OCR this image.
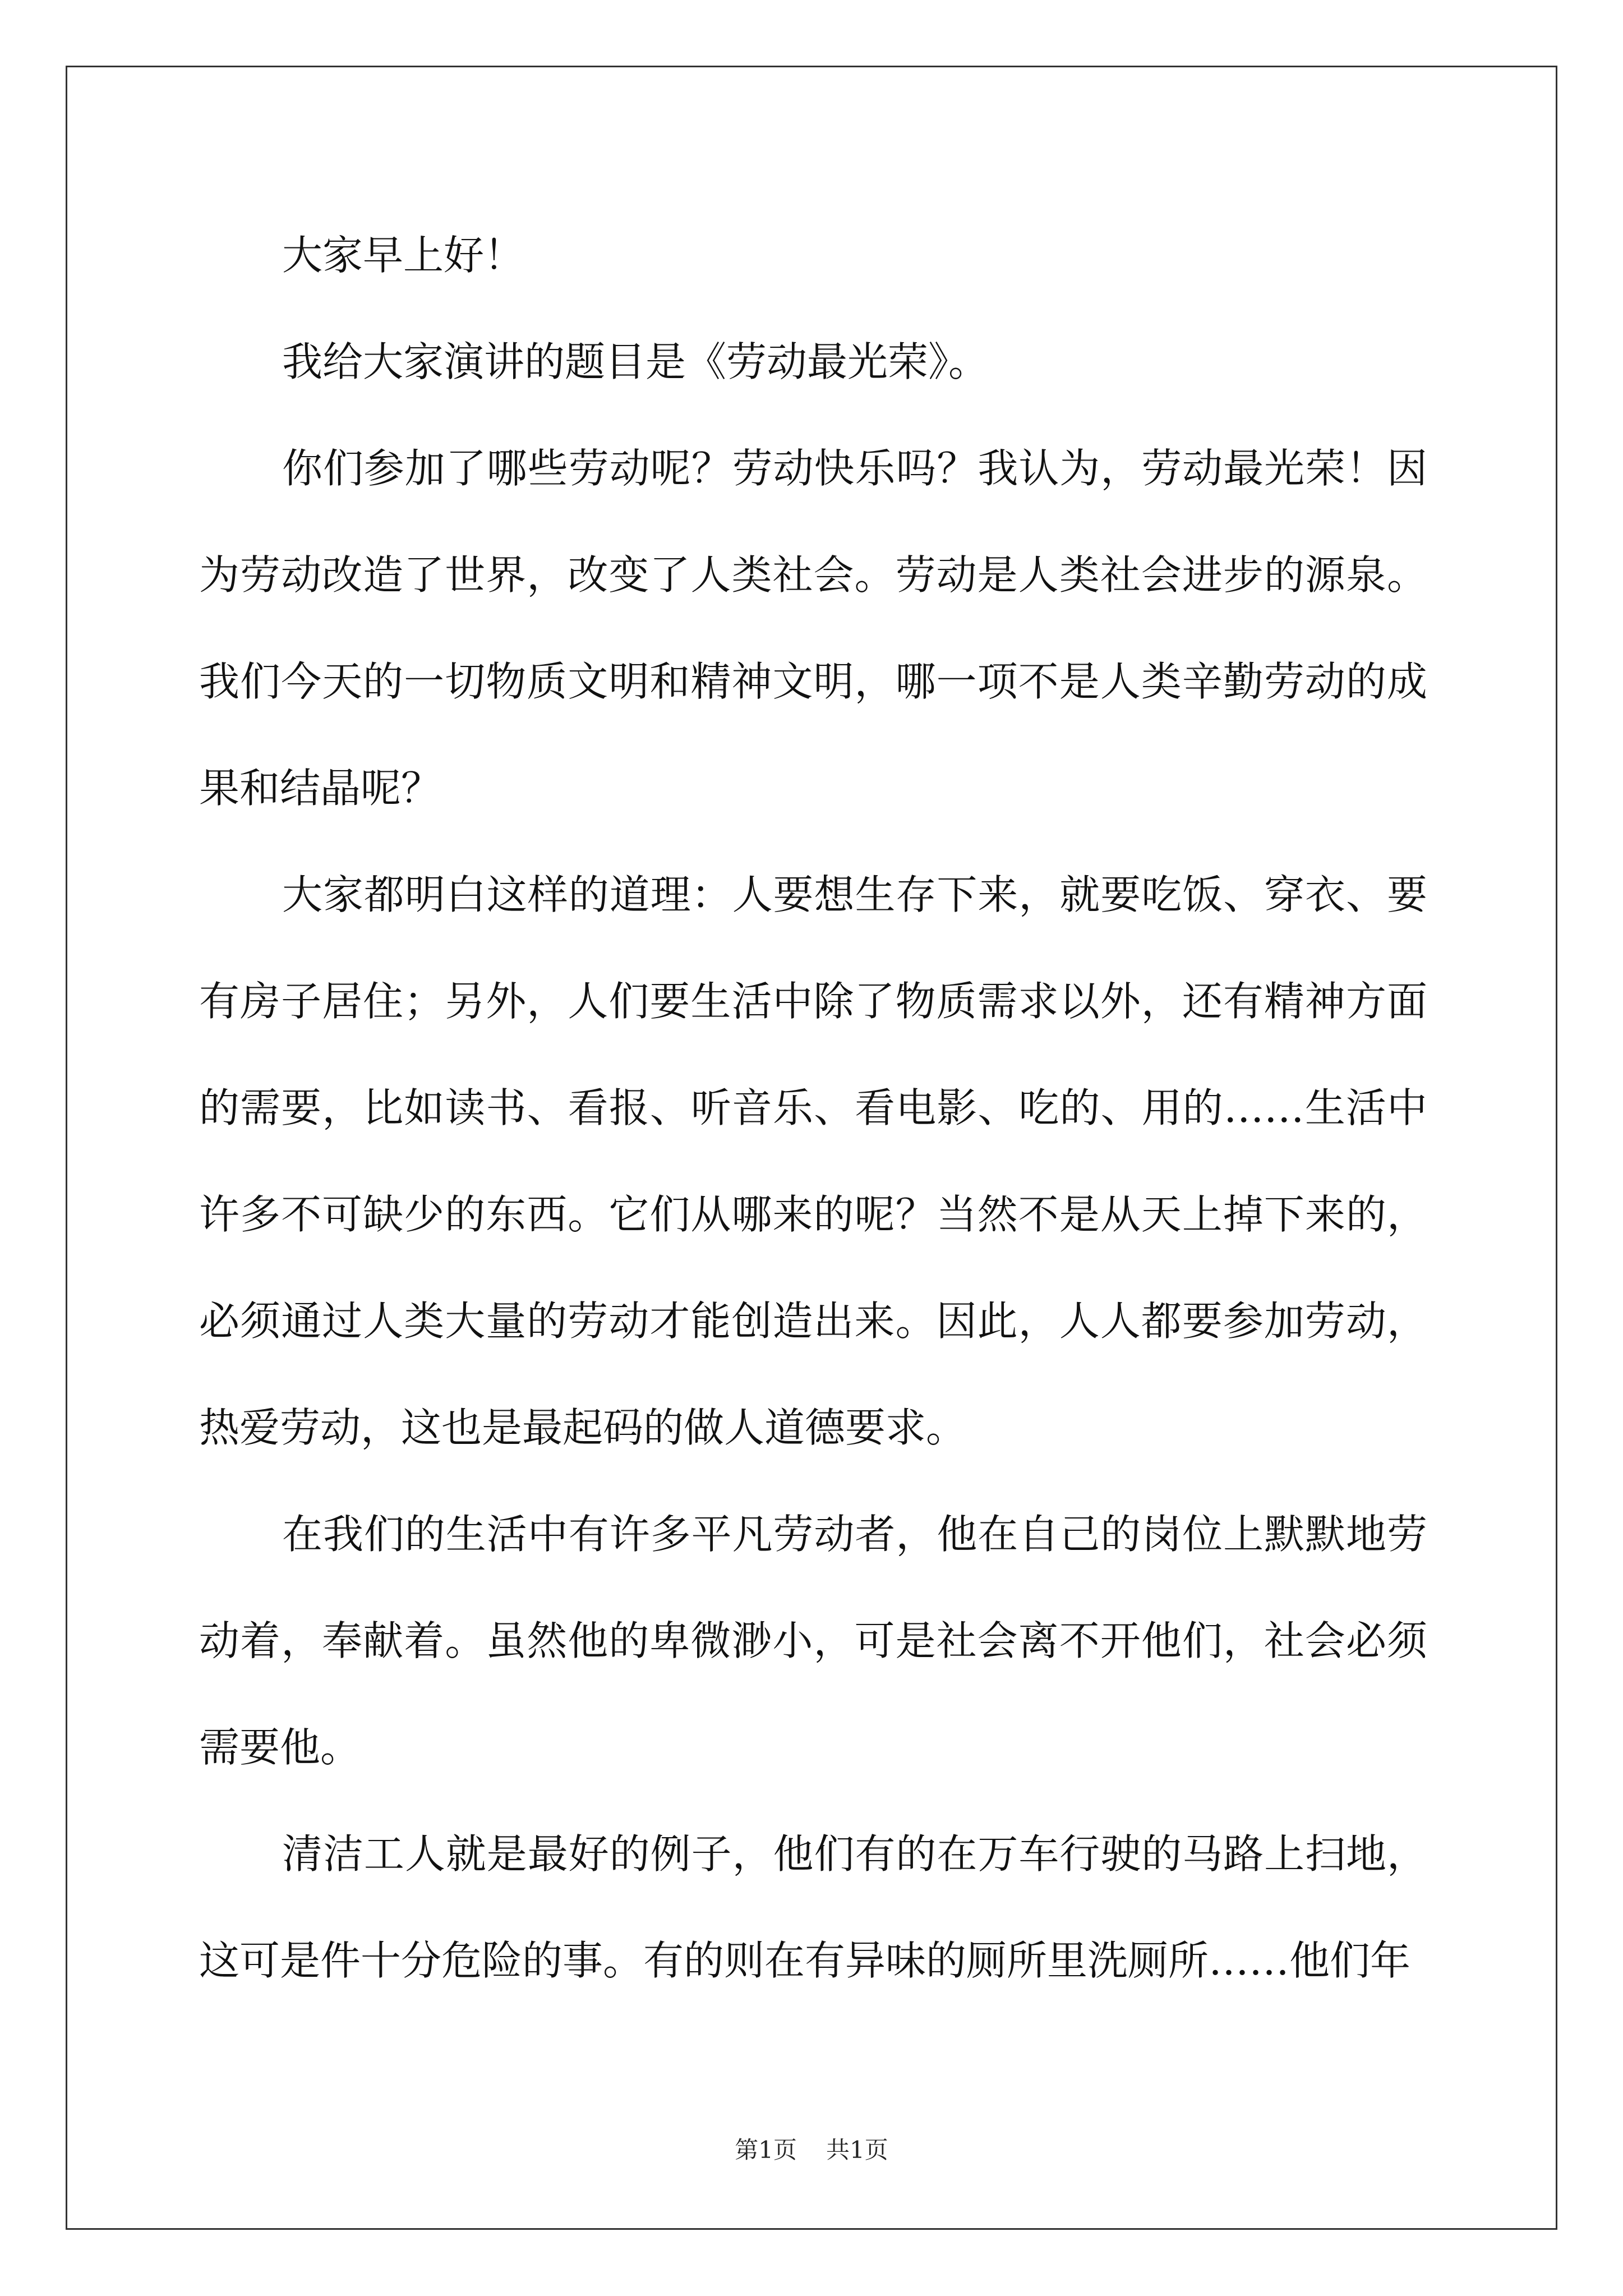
大家早上好！

我给大家演讲的题目是《劳动最光荣》。

你们参加了哪些劳动呢？劳动快乐吗？我认为，劳动最光荣！因为劳动改造了世界，改变了人类社会。劳动是人类社会进步的源泉。我们今天的一切物质文明和精神文明，哪一项不是人类辛勤劳动的成果和结晶呢？

大家都明白这样的道理：人要想生存下来，就要吃饭、穿衣、要有房子居住；另外，人们要生活中除了物质需求以外，还有精神方面的需要，比如读书、看报、听音乐、看电影、吃的、用的……生活中许多不可缺少的东西。它们从哪来的呢？当然不是从天上掉下来的，必须通过人类大量的劳动才能创造出来。因此，人人都要参加劳动，热爱劳动，这也是最起码的做人道德要求。

在我们的生活中有许多平凡劳动者，他在自己的岗位上默默地劳动着，奉献着。虽然他的卑微渺小，可是社会离不开他们，社会必须需要他。

清洁工人就是最好的例子，他们有的在万车行驶的马路上扫地，这可是件十分危险的事。有的则在有异味的厕所里洗厕所……他们年

第1页 共1页
